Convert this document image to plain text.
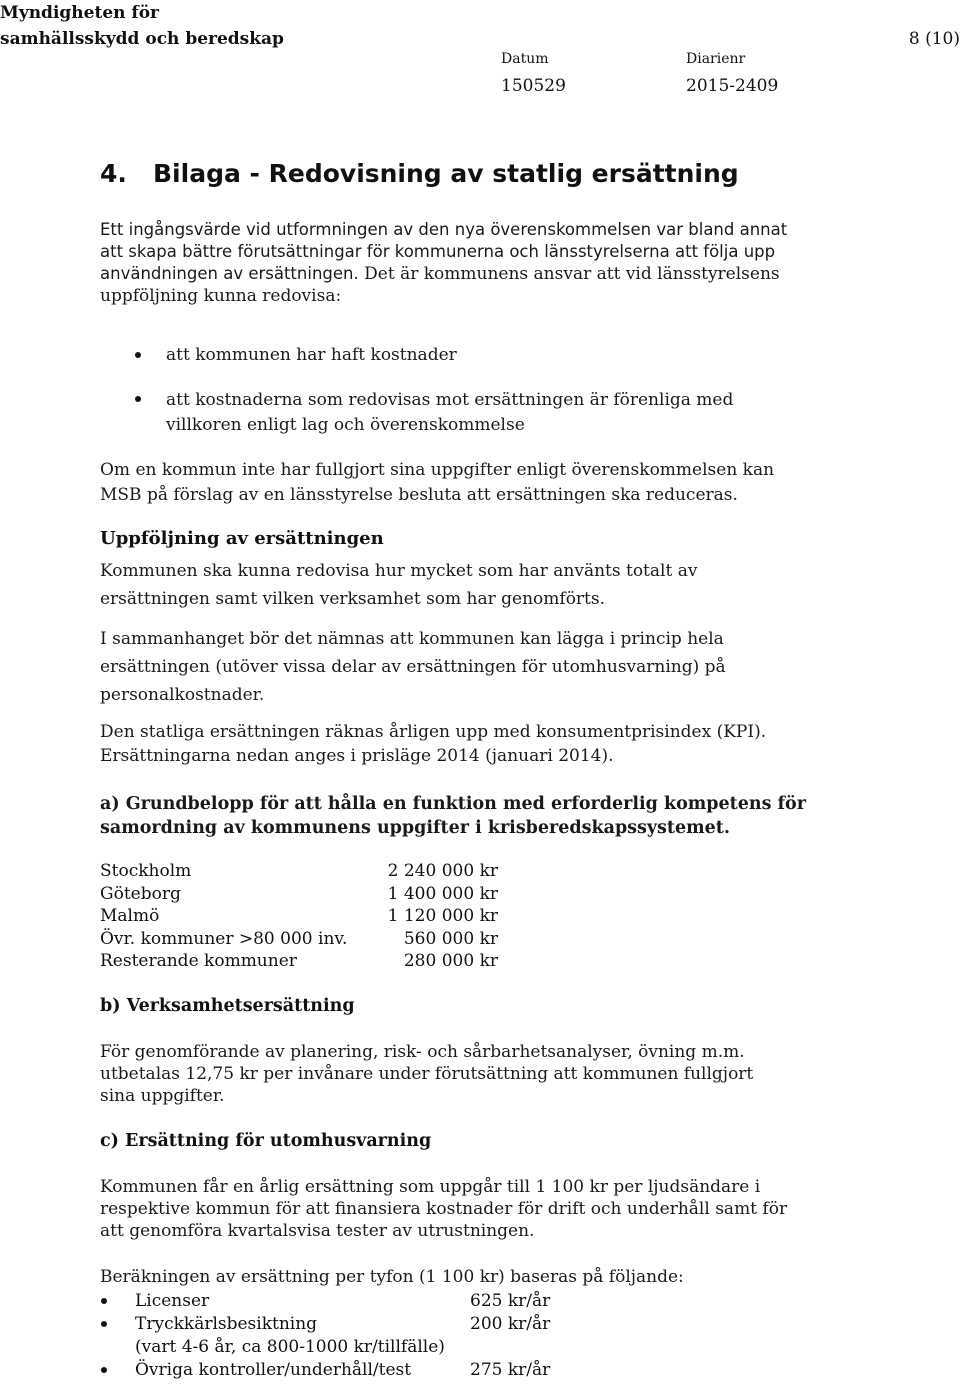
Myndigheten för
samhällsskydd och beredskap	8 (10)
Datum
150529
Diarienr
2015-2409
4.   Bilaga - Redovisning av statlig ersättning
Ett ingångsvärde vid utformningen av den nya överenskommelsen var bland annat att skapa bättre förutsättningar för kommunerna och länsstyrelserna att följa upp användningen av ersättningen. Det är kommunens ansvar att vid länsstyrelsens uppföljning kunna redovisa:
att kommunen har haft kostnader
att kostnaderna som redovisas mot ersättningen är förenliga med villkoren enligt lag och överenskommelse
Om en kommun inte har fullgjort sina uppgifter enligt överenskommelsen kan MSB på förslag av en länsstyrelse besluta att ersättningen ska reduceras.
Uppföljning av ersättningen
Kommunen ska kunna redovisa hur mycket som har använts totalt av ersättningen samt vilken verksamhet som har genomförts.
I sammanhanget bör det nämnas att kommunen kan lägga i princip hela ersättningen (utöver vissa delar av ersättningen för utomhusvarning) på personalkostnader.
Den statliga ersättningen räknas årligen upp med konsumentprisindex (KPI). Ersättningarna nedan anges i prisläge 2014 (januari 2014).
a) Grundbelopp för att hålla en funktion med erforderlig kompetens för samordning av kommunens uppgifter i krisberedskapssystemet.
Stockholm	2 240 000 kr
Göteborg	1 400 000 kr
Malmö	1 120 000 kr
Övr. kommuner >80 000 inv.	560 000 kr
Resterande kommuner	280 000 kr
b) Verksamhetsersättning
För genomförande av planering, risk- och sårbarhetsanalyser, övning m.m. utbetalas 12,75 kr per invånare under förutsättning att kommunen fullgjort sina uppgifter.
c) Ersättning för utomhusvarning
Kommunen får en årlig ersättning som uppgår till 1 100 kr per ljudsändare i respektive kommun för att finansiera kostnader för drift och underhåll samt för att genomföra kvartalsvisa tester av utrustningen.
Beräkningen av ersättning per tyfon (1 100 kr) baseras på följande:
Licenser	625 kr/år
Tryckkärlsbesiktning	200 kr/år
(vart 4-6 år, ca 800-1000 kr/tillfälle)
Övriga kontroller/underhåll/test	275 kr/år
